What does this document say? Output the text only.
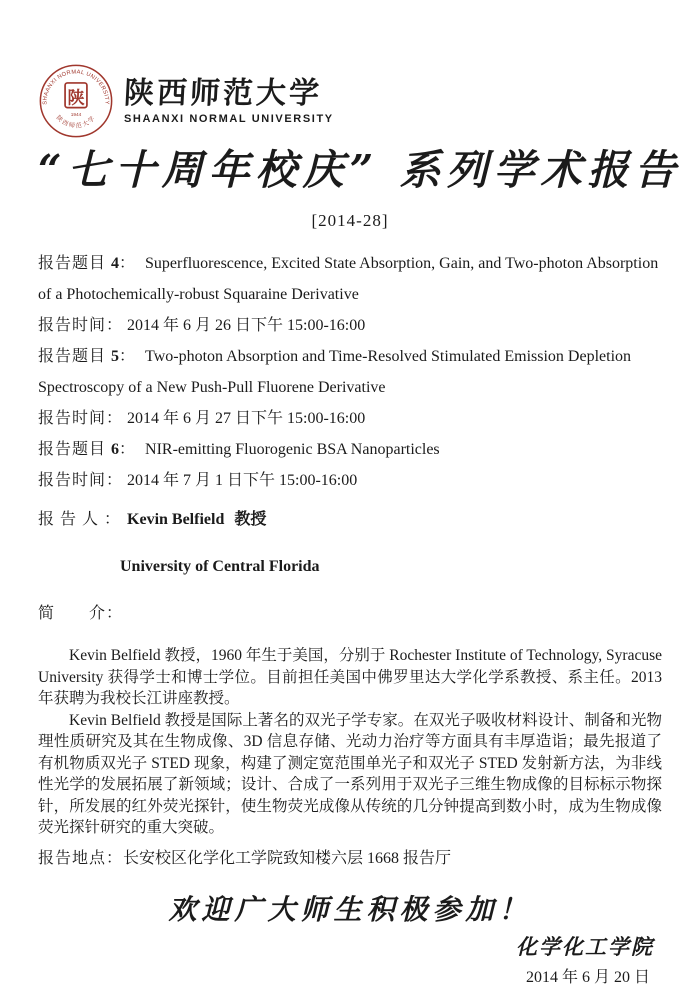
SHAANXI NORMAL UNIVERSITY
陕
1944
陕西师范大学
陕西师范大学
SHAANXI NORMAL UNIVERSITY
“七十周年校庆” 系列学术报告
[2014-28]

报告题目 4： Superfluorescence, Excited State Absorption, Gain, and Two-photon Absorption of a Photochemically-robust Squaraine Derivative

报告时间： 2014 年 6 月 26 日下午 15:00-16:00

报告题目 5： Two-photon Absorption and Time-Resolved Stimulated Emission Depletion Spectroscopy of a New Push-Pull Fluorene Derivative

报告时间： 2014 年 6 月 27 日下午 15:00-16:00

报告题目 6： NIR-emitting Fluorogenic BSA Nanoparticles

报告时间： 2014 年 7 月 1 日下午 15:00-16:00

报 告 人 ： Kevin Belfield 教授

University of Central Florida

简　　介：

Kevin Belfield 教授，1960 年生于美国，分别于 Rochester Institute of Technology, Syracuse University 获得学士和博士学位。目前担任美国中佛罗里达大学化学系教授、系主任。2013 年获聘为我校长江讲座教授。

Kevin Belfield 教授是国际上著名的双光子学专家。在双光子吸收材料设计、制备和光物理性质研究及其在生物成像、3D 信息存储、光动力治疗等方面具有丰厚造诣；最先报道了有机物质双光子 STED 现象，构建了测定宽范围单光子和双光子 STED 发射新方法，为非线性光学的发展拓展了新领域；设计、合成了一系列用于双光子三维生物成像的目标标示物探针，所发展的红外荧光探针，使生物荧光成像从传统的几分钟提高到数小时，成为生物成像荧光探针研究的重大突破。

报告地点：长安校区化学化工学院致知楼六层 1668 报告厅

欢迎广大师生积极参加！
化学化工学院
2014 年 6 月 20 日
